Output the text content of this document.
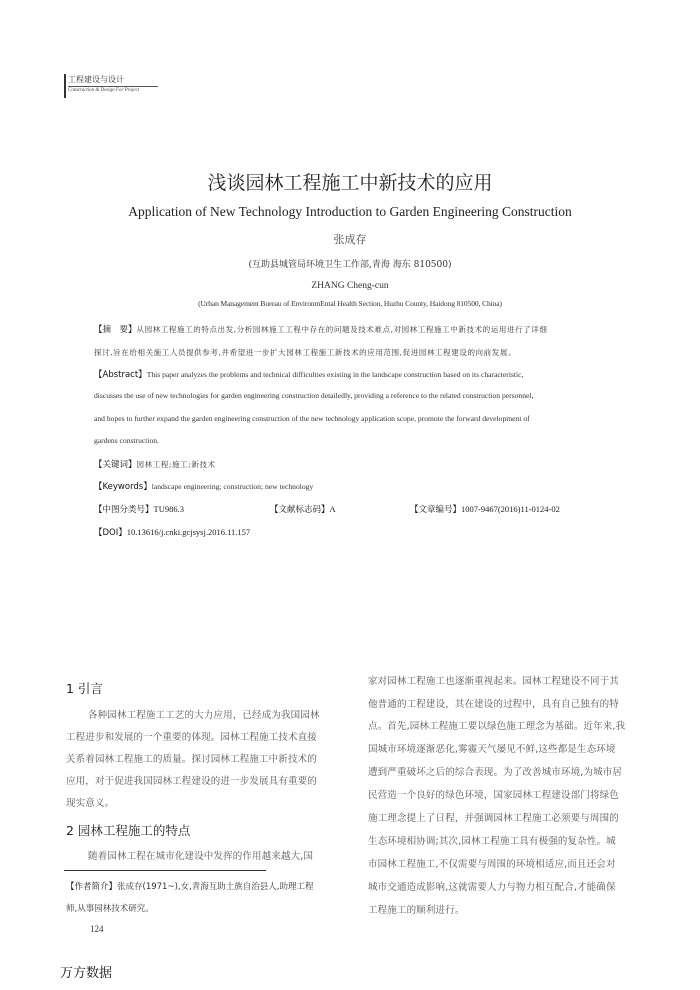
工程建设与设计
Construction & Design For Project
浅谈园林工程施工中新技术的应用
Application of New Technology Introduction to Garden Engineering Construction
张成存
(互助县城管局环境卫生工作部,青海 海东 810500)
ZHANG Cheng-cun
(Urban Management Bureau of EnvironmEntal Health Section, Huzhu County, Haidong 810500, China)
【摘　要】从园林工程施工的特点出发,分析园林施工工程中存在的问题及技术难点,对园林工程施工中新技术的运用进行了详细
探讨,旨在给相关施工人员提供参考,并希望进一步扩大园林工程施工新技术的应用范围,促进园林工程建设的向前发展。
【Abstract】This paper analyzes the problems and technical difficulties existing in the landscape construction based on its characteristic,
discusses the use of new technologies for garden engineering construction detailedly, providing a reference to the related construction personnel,
and hopes to further expand the garden engineering construction of the new technology application scope, promote the forward development of
gardens construction.
【关键词】园林工程;施工;新技术
【Keywords】landscape engineering; construction; new technology
【中图分类号】TU986.3	【文献标志码】A	【文章编号】1007-9467(2016)11-0124-02
【DOI】10.13616/j.cnki.gcjsysj.2016.11.157
1 引言
各种园林工程施工工艺的大力应用，已经成为我国园林
工程进步和发展的一个重要的体现。园林工程施工技术直接
关系着园林工程施工的质量。探讨园林工程施工中新技术的
应用，对于促进我国园林工程建设的进一步发展具有重要的
现实意义。
2 园林工程施工的特点
随着园林工程在城市化建设中发挥的作用越来越大,国
【作者简介】张成存(1971~),女,青海互助土族自治县人,助理工程
师,从事园林技术研究。
124
家对园林工程施工也逐渐重视起来。园林工程建设不同于其
他普通的工程建设，其在建设的过程中，具有自己独有的特
点。首先,园林工程施工要以绿色施工理念为基础。近年来,我
国城市环境逐渐恶化,雾霾天气屡见不鲜,这些都是生态环境
遭到严重破坏之后的综合表现。为了改善城市环境,为城市居
民营造一个良好的绿色环境，国家园林工程建设部门将绿色
施工理念提上了日程，并强调园林工程施工必须要与周围的
生态环境相协调;其次,园林工程施工具有极强的复杂性。城
市园林工程施工,不仅需要与周围的环境相适应,而且还会对
城市交通造成影响,这就需要人力与物力相互配合,才能确保
工程施工的顺利进行。
万方数据
